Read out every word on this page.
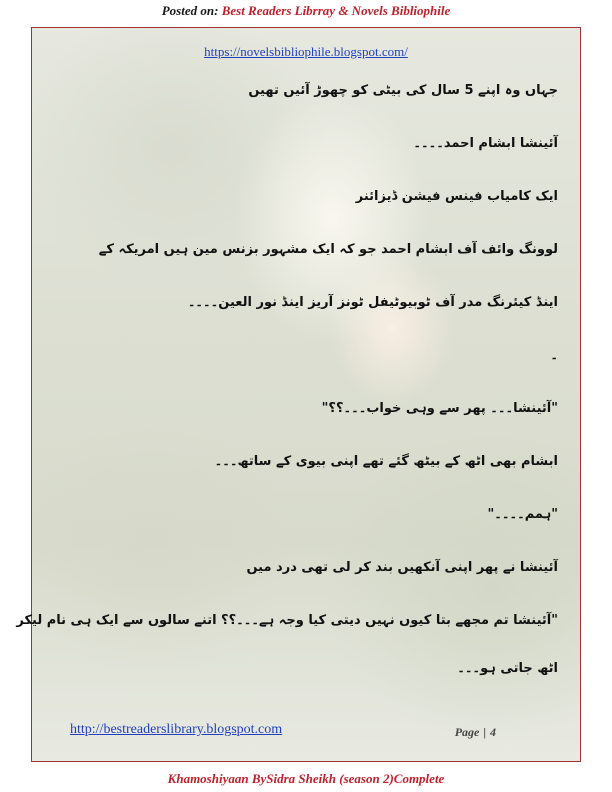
Posted on: Best Readers Librray & Novels Bibliophile
https://novelsbibliophile.blogspot.com/

جہاں وہ اپنے 5 سال کی بیٹی کو چھوڑ آئیں تھیں

آئینشا ابشام احمد۔۔۔۔

ایک کامیاب فینس فیشن ڈیزائنر

لوونگ وائف آف ابشام احمد جو کہ ایک مشہور بزنس مین ہیں امریکہ کے

اینڈ کیئرنگ مدر آف ٹوبیوٹیفل ٹونز آریز اینڈ نور العین۔۔۔۔

۔

"آئینشا۔۔۔ پھر سے وہی خواب۔۔۔؟؟"

ابشام بھی اٹھ کے بیٹھ گئے تھے اپنی بیوی کے ساتھ۔۔۔

"ہمم۔۔۔۔"

آئینشا نے پھر اپنی آنکھیں بند کر لی تھی درد میں

"آئینشا تم مجھے بتا کیوں نہیں دیتی کیا وجہ ہے۔۔۔؟؟ اتنے سالوں سے ایک ہی نام لیکر

اٹھ جاتی ہو۔۔۔

http://bestreaderslibrary.blogspot.com	Page | 4
Khamoshiyaan BySidra Sheikh (season 2)Complete
